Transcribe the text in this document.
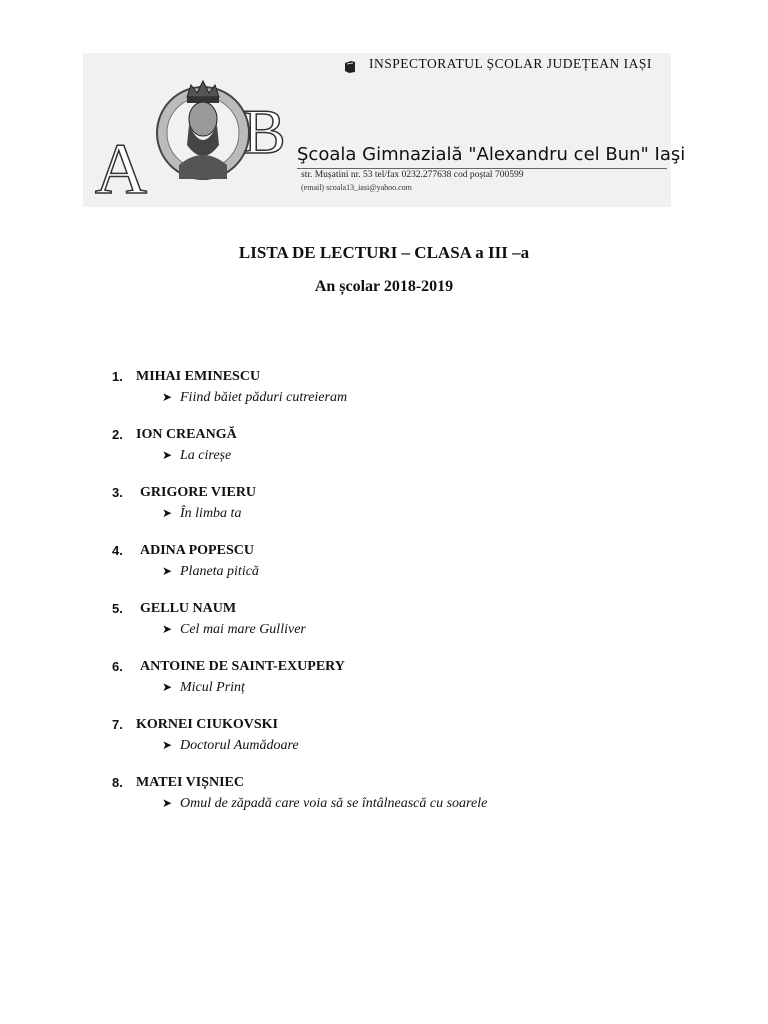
A B
INSPECTORATUL ȘCOLAR JUDEȚEAN IAȘI
Şcoala Gimnazială "Alexandru cel Bun" Iaşi
str. Mușatini nr. 53 tel/fax 0232.277638 cod poștal 700599
(email) scoala13_iasi@yahoo.com
LISTA DE LECTURI – CLASA a III –a
An școlar 2018-2019
1. MIHAI EMINESCU
➤ Fiind băiet păduri cutreieram
2. ION CREANGĂ
➤ La cireșe
3. GRIGORE VIERU
➤ În limba ta
4. ADINA POPESCU
➤ Planeta pitică
5. GELLU NAUM
➤ Cel mai mare Gulliver
6. ANTOINE DE SAINT-EXUPERY
➤ Micul Prinț
7. KORNEI CIUKOVSKI
➤ Doctorul Aumădoare
8. MATEI VIȘNIEC
➤ Omul de zăpadă care voia să se întâlnească cu soarele
